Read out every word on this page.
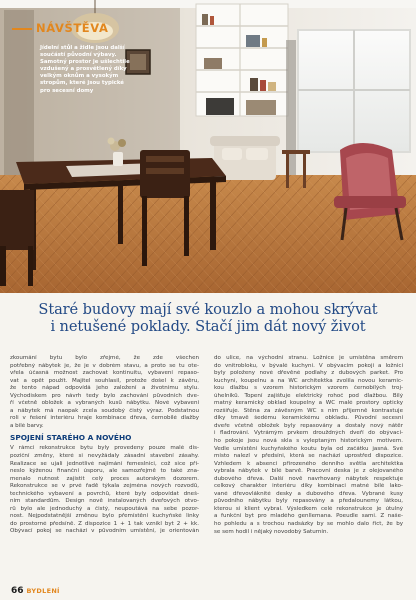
NÁVŠTĚVA
Jídelní stůl a židle jsou další
součástí původní výbavy.
Samotný prostor je ušlechtile
vzdušený a prosvětlený díky
velkým oknům a vysokým
stropům, které jsou typické
pro secesní domy
Staré budovy mají své kouzlo a mohou skrývat
i netušené poklady. Stačí jim dát nový život
zkoumání bytu bylo zřejmé, že zde všechen
potřebný nábytek je, že je v dobrém stavu, a proto se tu ote-
vřela účasná možnost zachovat kontinuitu, vybavení repaso-
vat a opět použít. Majitel souhlasil, protože došel k závěru,
že tento nápad odpovídá jeho založení a životnímu stylu.
Východiskem pro návrh tedy bylo zachování původních dve-
ří včetně obložek a vybraných kusů nábytku. Nové vybavení
a nábytek má naopak zcela soudobý čistý výraz. Podstatnou
roli v řešení interiéru hraje kombinace dřeva, černobílé dlažby
a bílé barvy.
SPOJENÍ STARÉHO A NOVÉHO
V rámci rekonstrukce bytu byly provedeny pouze malé dis-
poziční změny, které si nevyžádaly zásadní stavební zásahy.
Realizace se ujali jednotlivé najímání řemeslníci, což sice při-
neslo kýženou finanční úsporu, ale samozřejmě to také zna-
menalo nutnost zajistit celý proces autorským dozorem.
Rekonstrukce se v prvé řadě týkala zejména nových rozvodů,
technického vybavení a povrchů, které byly odpovídat dneš-
ním standardům. Design nově instalovaných dveřových otvo-
rů bylo ale jednoduchý a čistý, neupoutává na sebe pozor-
nost. Nejpodstatnější změnou bylo přemístění kuchyňské linky
do prostorné předsíně. Z dispozice 1 + 1 tak vznikl byt 2 + kk.
Obývací pokoj se nachází v původním umístění, je orientován
do ulice, na východní stranu. Ložnice je umístěna směrem
do vnitrobloku, v bývalé kuchyni. V obývacím pokoji a ložnici
byly položeny nové dřevěné podlahy z dubových parket. Pro
kuchyni, koupelnu a na WC architektka zvolila novou keramic-
kou dlažbu s vzorem historickým vzorem černobílých troj-
úhelníků. Topení zajišťuje elektrický rohoč pod dlažbou. Bílý
matný keramický obklad koupelny a WC malé prostory opticky
rozšiřuje. Stěna za závěsným WC s nim příjemně kontrastuje
díky tmavě šedému keramickému obkladu. Původní secesní
dveře včetně obložek byly repasovány a dostaly nový nátěr
i fladrování. Vytrámým prvkem drouždných dveří do obývací-
ho pokoje jsou nová skla s vyleptaným historickým motivem.
Vedle umístění kuchyňského koutu byla od začátku jasná. Své
místo nalezl v předsíni, která se nachází uprostřed dispozice.
Vzhledem k absenci přirozeného denního světla architektka
vybrala nábytek v bílé barvě. Pracovní deska je z olejovaného
dubového dřeva. Další nově navrhovaný nábytek respektuje
celkový charakter interiéru díky kombinaci matné bílé lako-
vané dřevovláknité desky a dubového dřeva. Vybrané kusy
původního nábytku byly repasovány a předalounemy látkou,
kterou si klient vybral. Výsledkem celé rekonstrukce je útulný
a funkční byt pro mladého genllemana. Poeudle sami. Z naše-
ho pohledu a s trochou nadsázky by se mohlo dalo říct, že by
se sem hodil i nějaký novodobý Saturnín.
66 BYDLENÍ
